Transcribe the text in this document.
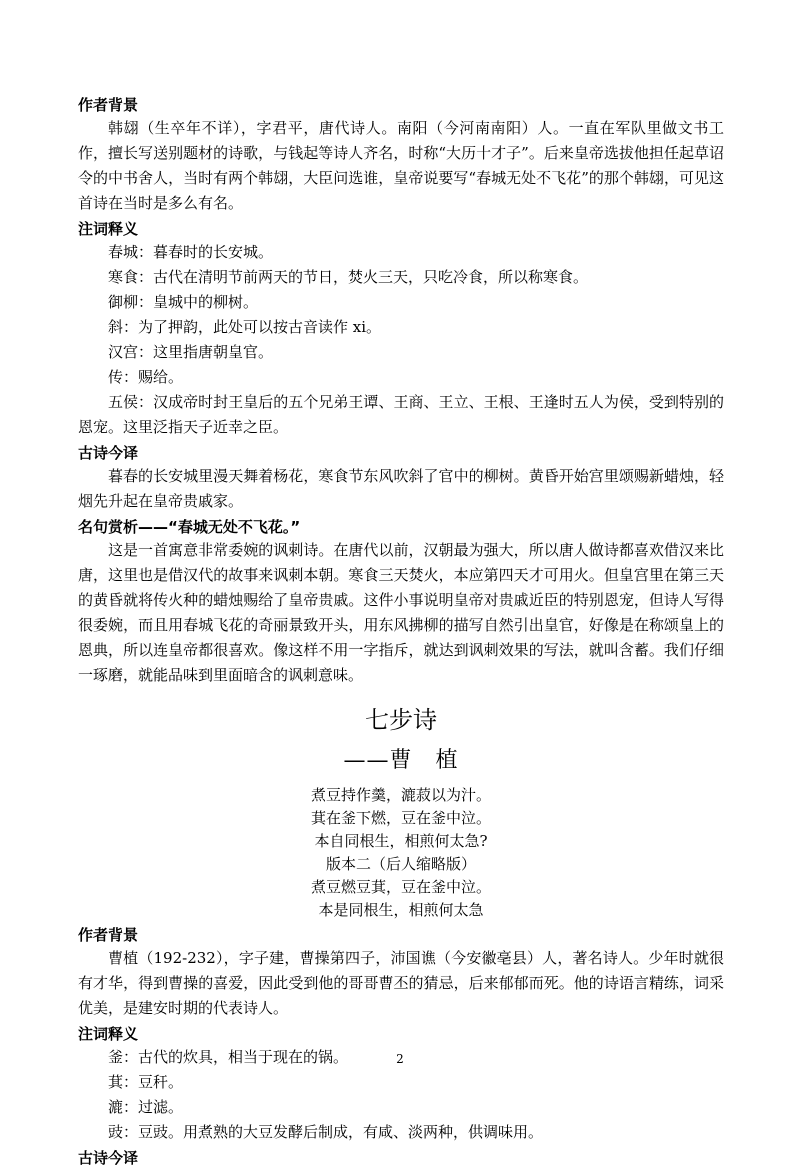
作者背景

韩翃（生卒年不详），字君平，唐代诗人。南阳（今河南南阳）人。一直在军队里做文书工作，擅长写送别题材的诗歌，与钱起等诗人齐名，时称“大历十才子”。后来皇帝选拔他担任起草诏令的中书舍人，当时有两个韩翃，大臣问选谁，皇帝说要写“春城无处不飞花”的那个韩翃，可见这首诗在当时是多么有名。

注词释义

春城：暮春时的长安城。

寒食：古代在清明节前两天的节日，焚火三天，只吃冷食，所以称寒食。

御柳：皇城中的柳树。

斜：为了押韵，此处可以按古音读作 xi。

汉宫：这里指唐朝皇官。

传：赐给。

五侯：汉成帝时封王皇后的五个兄弟王谭、王商、王立、王根、王逢时五人为侯，受到特别的恩宠。这里泛指天子近幸之臣。

古诗今译

暮春的长安城里漫天舞着杨花，寒食节东风吹斜了官中的柳树。黄昏开始宫里颂赐新蜡烛，轻烟先升起在皇帝贵戚家。

名句赏析——“春城无处不飞花。”

这是一首寓意非常委婉的讽刺诗。在唐代以前，汉朝最为强大，所以唐人做诗都喜欢借汉来比唐，这里也是借汉代的故事来讽刺本朝。寒食三天焚火，本应第四天才可用火。但皇宫里在第三天的黄昏就将传火种的蜡烛赐给了皇帝贵戚。这件小事说明皇帝对贵戚近臣的特别恩宠，但诗人写得很委婉，而且用春城飞花的奇丽景致开头，用东风拂柳的描写自然引出皇官，好像是在称颂皇上的恩典，所以连皇帝都很喜欢。像这样不用一字指斥，就达到讽刺效果的写法，就叫含蓄。我们仔细一琢磨，就能品味到里面暗含的讽刺意味。

七步诗
——曹　植

煮豆持作羹，漉菽以为汁。

萁在釜下燃，豆在釜中泣。

本自同根生，相煎何太急?

版本二（后人缩略版）

煮豆燃豆萁，豆在釜中泣。

本是同根生，相煎何太急

作者背景

曹植（192-232），字子建，曹操第四子，沛国谯（今安徽亳县）人，著名诗人。少年时就很有才华，得到曹操的喜爱，因此受到他的哥哥曹丕的猜忌，后来郁郁而死。他的诗语言精练，词采优美，是建安时期的代表诗人。

注词释义

釜：古代的炊具，相当于现在的锅。

萁：豆秆。

漉：过滤。

豉：豆豉。用煮熟的大豆发酵后制成，有咸、淡两种，供调味用。

古诗今译
2
